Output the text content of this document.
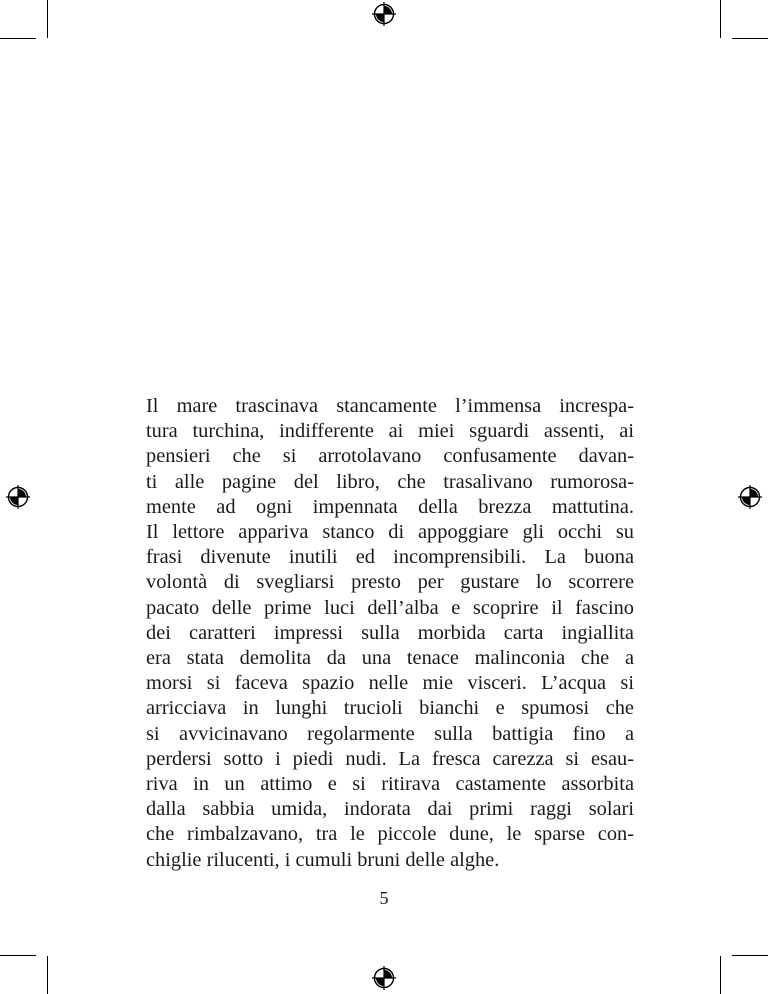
Il mare trascinava stancamente l’immensa increspa-
tura turchina, indifferente ai miei sguardi assenti, ai
pensieri che si arrotolavano confusamente davan-
ti alle pagine del libro, che trasalivano rumorosa-
mente ad ogni impennata della brezza mattutina.
Il lettore appariva stanco di appoggiare gli occhi su
frasi divenute inutili ed incomprensibili. La buona
volontà di svegliarsi presto per gustare lo scorrere
pacato delle prime luci dell’alba e scoprire il fascino
dei caratteri impressi sulla morbida carta ingiallita
era stata demolita da una tenace malinconia che a
morsi si faceva spazio nelle mie visceri. L’acqua si
arricciava in lunghi trucioli bianchi e spumosi che
si avvicinavano regolarmente sulla battigia fino a
perdersi sotto i piedi nudi. La fresca carezza si esau-
riva in un attimo e si ritirava castamente assorbita
dalla sabbia umida, indorata dai primi raggi solari
che rimbalzavano, tra le piccole dune, le sparse con-
chiglie rilucenti, i cumuli bruni delle alghe.
5
